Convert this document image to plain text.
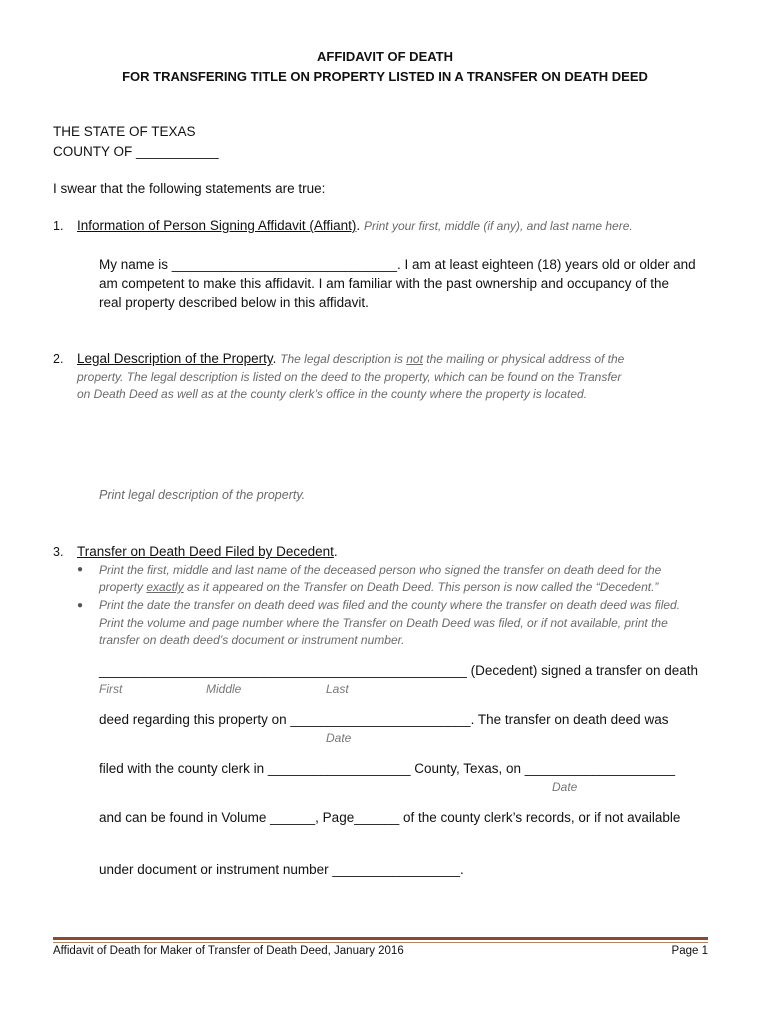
AFFIDAVIT OF DEATH
FOR TRANSFERING TITLE ON PROPERTY LISTED IN A TRANSFER ON DEATH DEED
THE STATE OF TEXAS
COUNTY OF ___________
I swear that the following statements are true:
1. Information of Person Signing Affidavit (Affiant). Print your first, middle (if any), and last name here.
My name is ______________________________. I am at least eighteen (18) years old or older and
am competent to make this affidavit. I am familiar with the past ownership and occupancy of the
real property described below in this affidavit.
2. Legal Description of the Property. The legal description is not the mailing or physical address of the
property. The legal description is listed on the deed to the property, which can be found on the Transfer
on Death Deed as well as at the county clerk’s office in the county where the property is located.
Print legal description of the property.
3. Transfer on Death Deed Filed by Decedent.
● Print the first, middle and last name of the deceased person who signed the transfer on death deed for the
property exactly as it appeared on the Transfer on Death Deed. This person is now called the “Decedent.”
● Print the date the transfer on death deed was filed and the county where the transfer on death deed was filed.
Print the volume and page number where the Transfer on Death Deed was filed, or if not available, print the
transfer on death deed’s document or instrument number.
_________________________________________________ (Decedent) signed a transfer on death
First	Middle	Last
deed regarding this property on ________________________. The transfer on death deed was
Date
filed with the county clerk in ___________________ County, Texas, on ____________________
Date
and can be found in Volume ______, Page______ of the county clerk’s records, or if not available
under document or instrument number _________________.
Affidavit of Death for Maker of Transfer of Death Deed, January 2016	Page 1
